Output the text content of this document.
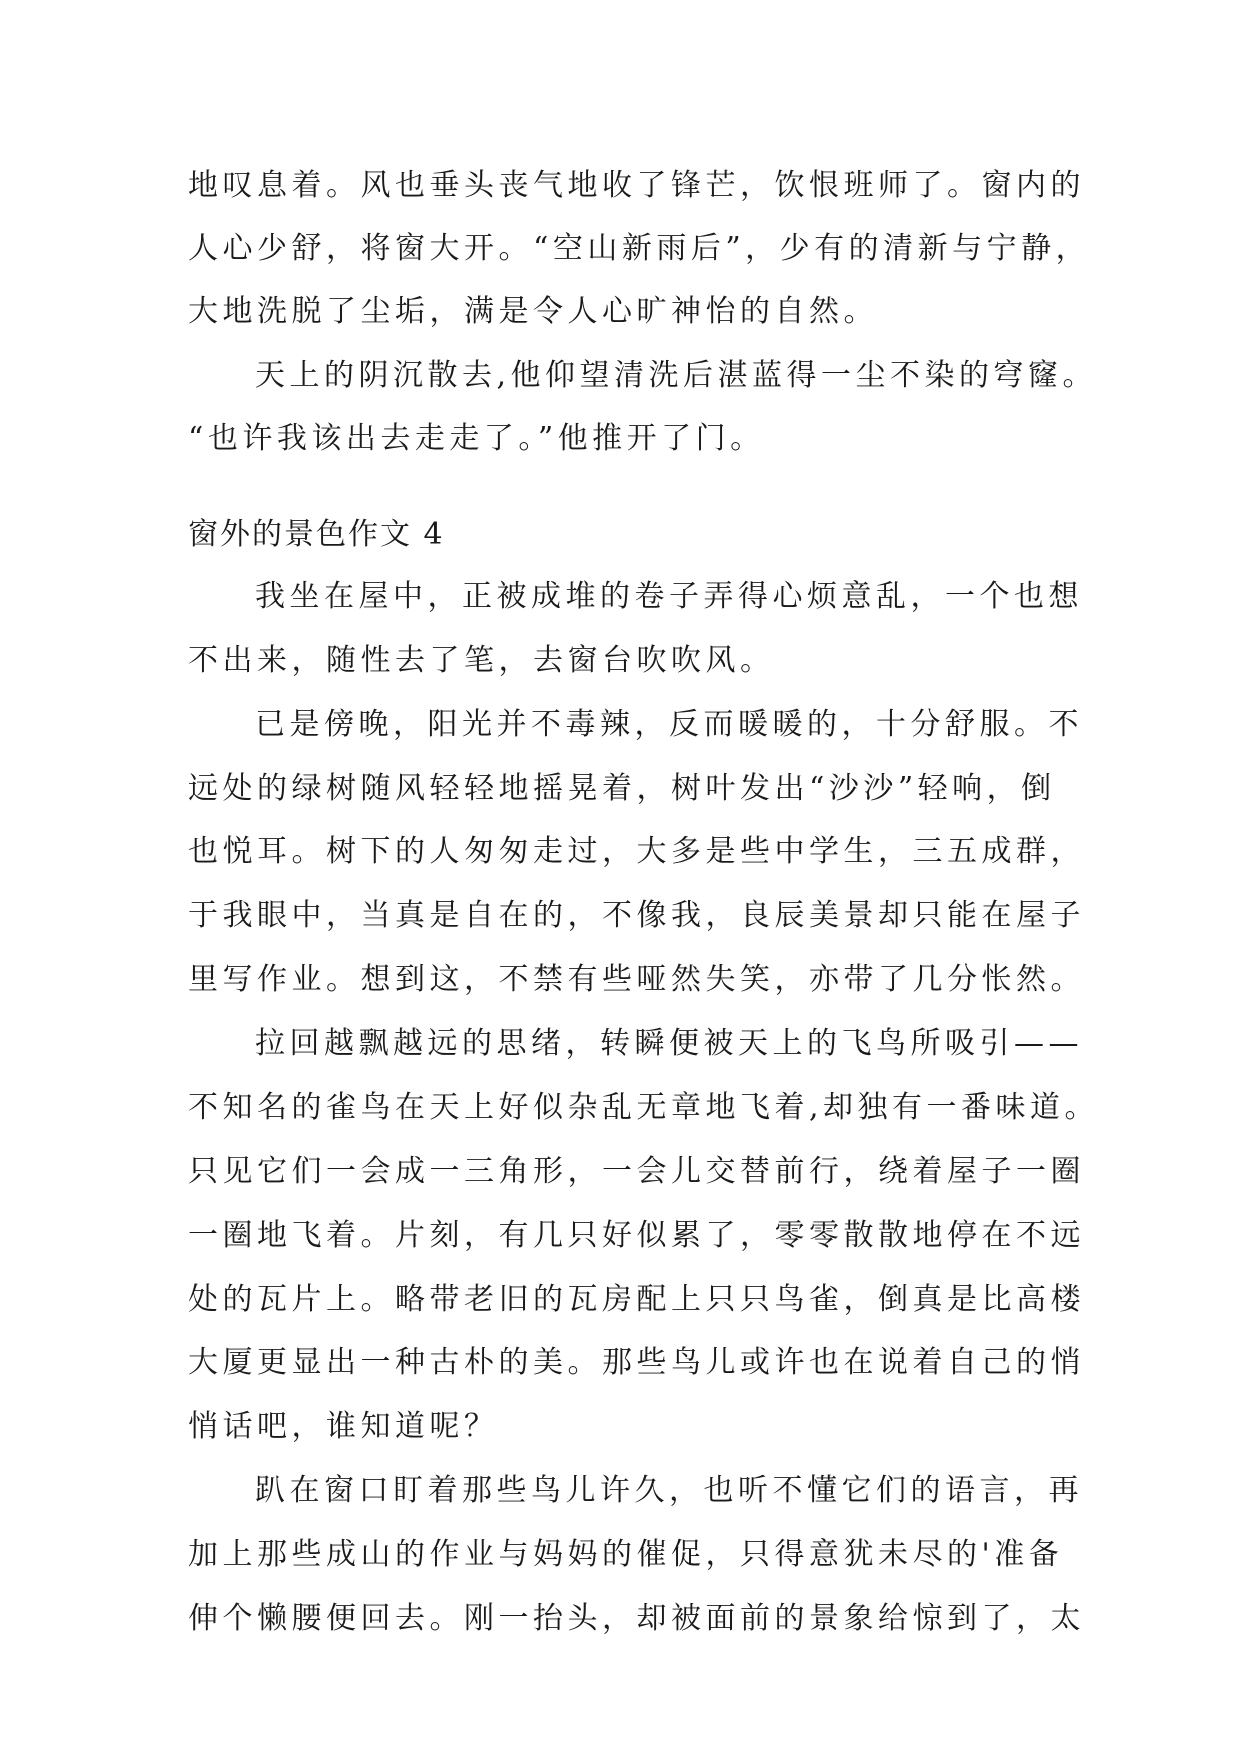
地叹息着。风也垂头丧气地收了锋芒，饮恨班师了。窗内的
人心少舒，将窗大开。“空山新雨后”，少有的清新与宁静，
大地洗脱了尘垢，满是令人心旷神怡的自然。
天上的阴沉散去,他仰望清洗后湛蓝得一尘不染的穹窿。
“也许我该出去走走了。”他推开了门。
窗外的景色作文 4
我坐在屋中，正被成堆的卷子弄得心烦意乱，一个也想
不出来，随性去了笔，去窗台吹吹风。
已是傍晚，阳光并不毒辣，反而暖暖的，十分舒服。不
远处的绿树随风轻轻地摇晃着，树叶发出“沙沙”轻响，倒
也悦耳。树下的人匆匆走过，大多是些中学生，三五成群，
于我眼中，当真是自在的，不像我，良辰美景却只能在屋子
里写作业。想到这，不禁有些哑然失笑，亦带了几分怅然。
拉回越飘越远的思绪，转瞬便被天上的飞鸟所吸引——
不知名的雀鸟在天上好似杂乱无章地飞着,却独有一番味道。
只见它们一会成一三角形，一会儿交替前行，绕着屋子一圈
一圈地飞着。片刻，有几只好似累了，零零散散地停在不远
处的瓦片上。略带老旧的瓦房配上只只鸟雀，倒真是比高楼
大厦更显出一种古朴的美。那些鸟儿或许也在说着自己的悄
悄话吧，谁知道呢？
趴在窗口盯着那些鸟儿许久，也听不懂它们的语言，再
加上那些成山的作业与妈妈的催促，只得意犹未尽的'准备
伸个懒腰便回去。刚一抬头，却被面前的景象给惊到了，太
